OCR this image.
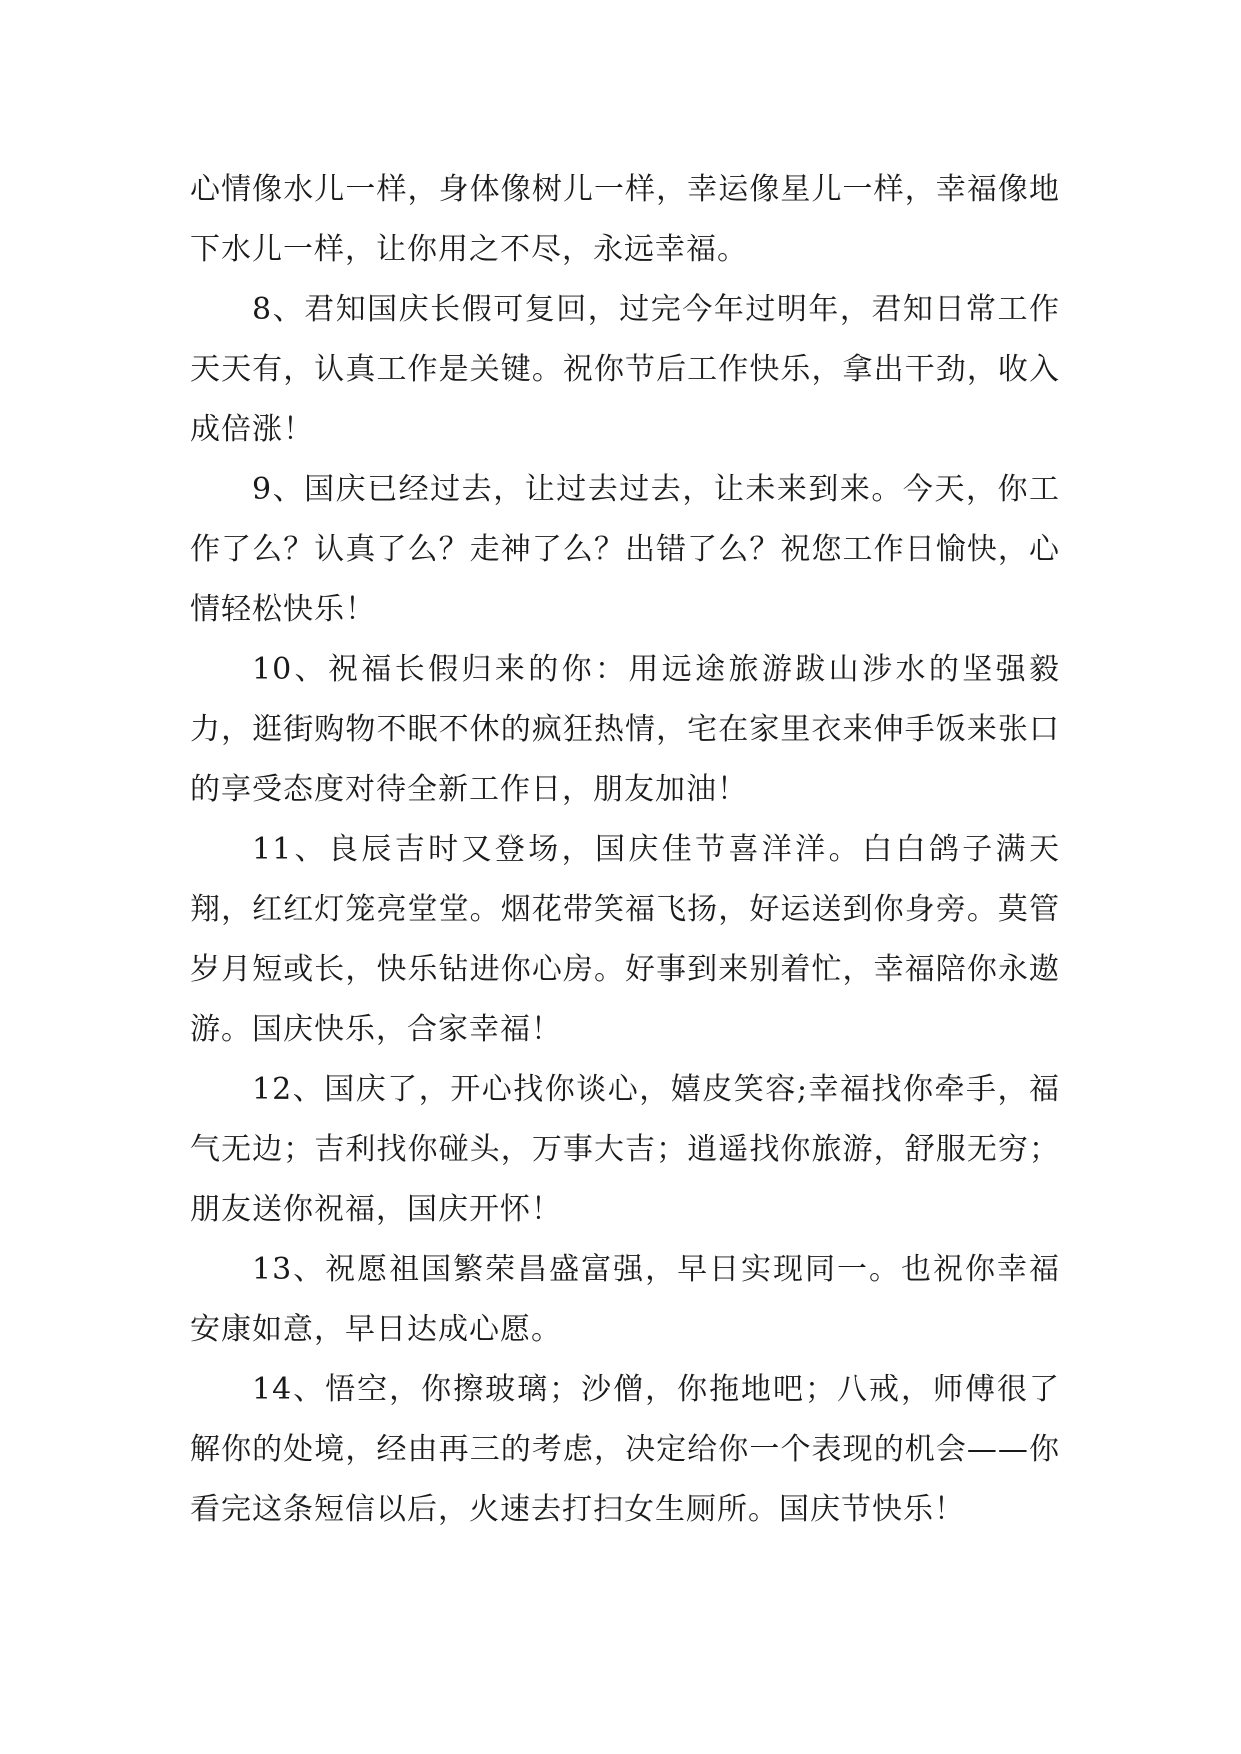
心情像水儿一样，身体像树儿一样，幸运像星儿一样，幸福像地下水儿一样，让你用之不尽，永远幸福。

8、君知国庆长假可复回，过完今年过明年，君知日常工作天天有，认真工作是关键。祝你节后工作快乐，拿出干劲，收入成倍涨！

9、国庆已经过去，让过去过去，让未来到来。今天，你工作了么？认真了么？走神了么？出错了么？祝您工作日愉快，心情轻松快乐！

10、祝福长假归来的你：用远途旅游跋山涉水的坚强毅力，逛街购物不眠不休的疯狂热情，宅在家里衣来伸手饭来张口的享受态度对待全新工作日，朋友加油！

11、良辰吉时又登场，国庆佳节喜洋洋。白白鸽子满天翔，红红灯笼亮堂堂。烟花带笑福飞扬，好运送到你身旁。莫管岁月短或长，快乐钻进你心房。好事到来别着忙，幸福陪你永遨游。国庆快乐，合家幸福！

12、国庆了，开心找你谈心，嬉皮笑容;幸福找你牵手，福气无边；吉利找你碰头，万事大吉；逍遥找你旅游，舒服无穷；朋友送你祝福，国庆开怀！

13、祝愿祖国繁荣昌盛富强，早日实现同一。也祝你幸福安康如意，早日达成心愿。

14、悟空，你擦玻璃；沙僧，你拖地吧；八戒，师傅很了解你的处境，经由再三的考虑，决定给你一个表现的机会——你看完这条短信以后，火速去打扫女生厕所。国庆节快乐！
